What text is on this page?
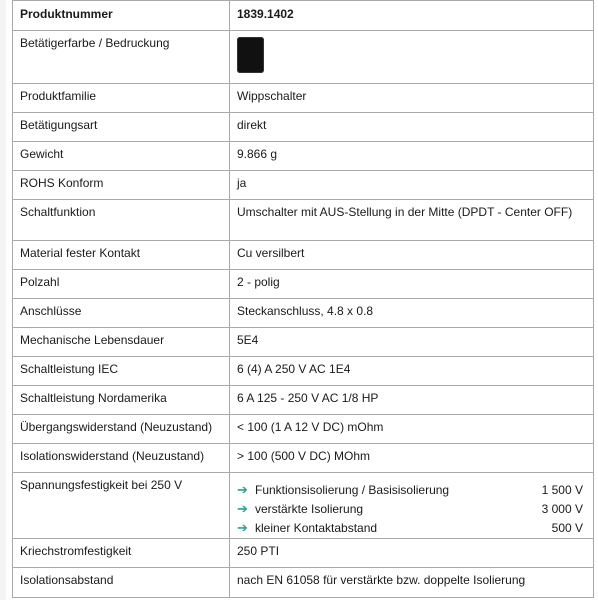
Produktnummer	1839.1402
Betätigerfarbe / Bedruckung	

Produktfamilie	Wippschalter
Betätigungsart	direkt
Gewicht	9.866 g
ROHS Konform	ja
Schaltfunktion	Umschalter mit AUS-Stellung in der Mitte (DPDT - Center OFF)
Material fester Kontakt	Cu versilbert
Polzahl	2 - polig
Anschlüsse	Steckanschluss, 4.8 x 0.8
Mechanische Lebensdauer	5E4
Schaltleistung IEC	6 (4) A 250 V AC 1E4
Schaltleistung Nordamerika	6 A 125 - 250 V AC 1/8 HP
Übergangswiderstand (Neuzustand)	< 100 (1 A 12 V DC) mOhm
Isolationswiderstand (Neuzustand)	> 100 (500 V DC) MOhm
Spannungsfestigkeit bei 250 V		➔	Funktionsisolierung / Basisisolierung	1 500 V
➔	verstärkte Isolierung	3 000 V
➔	kleiner Kontaktabstand	500 V

Kriechstromfestigkeit	250 PTI
Isolationsabstand	nach EN 61058 für verstärkte bzw. doppelte Isolierung
